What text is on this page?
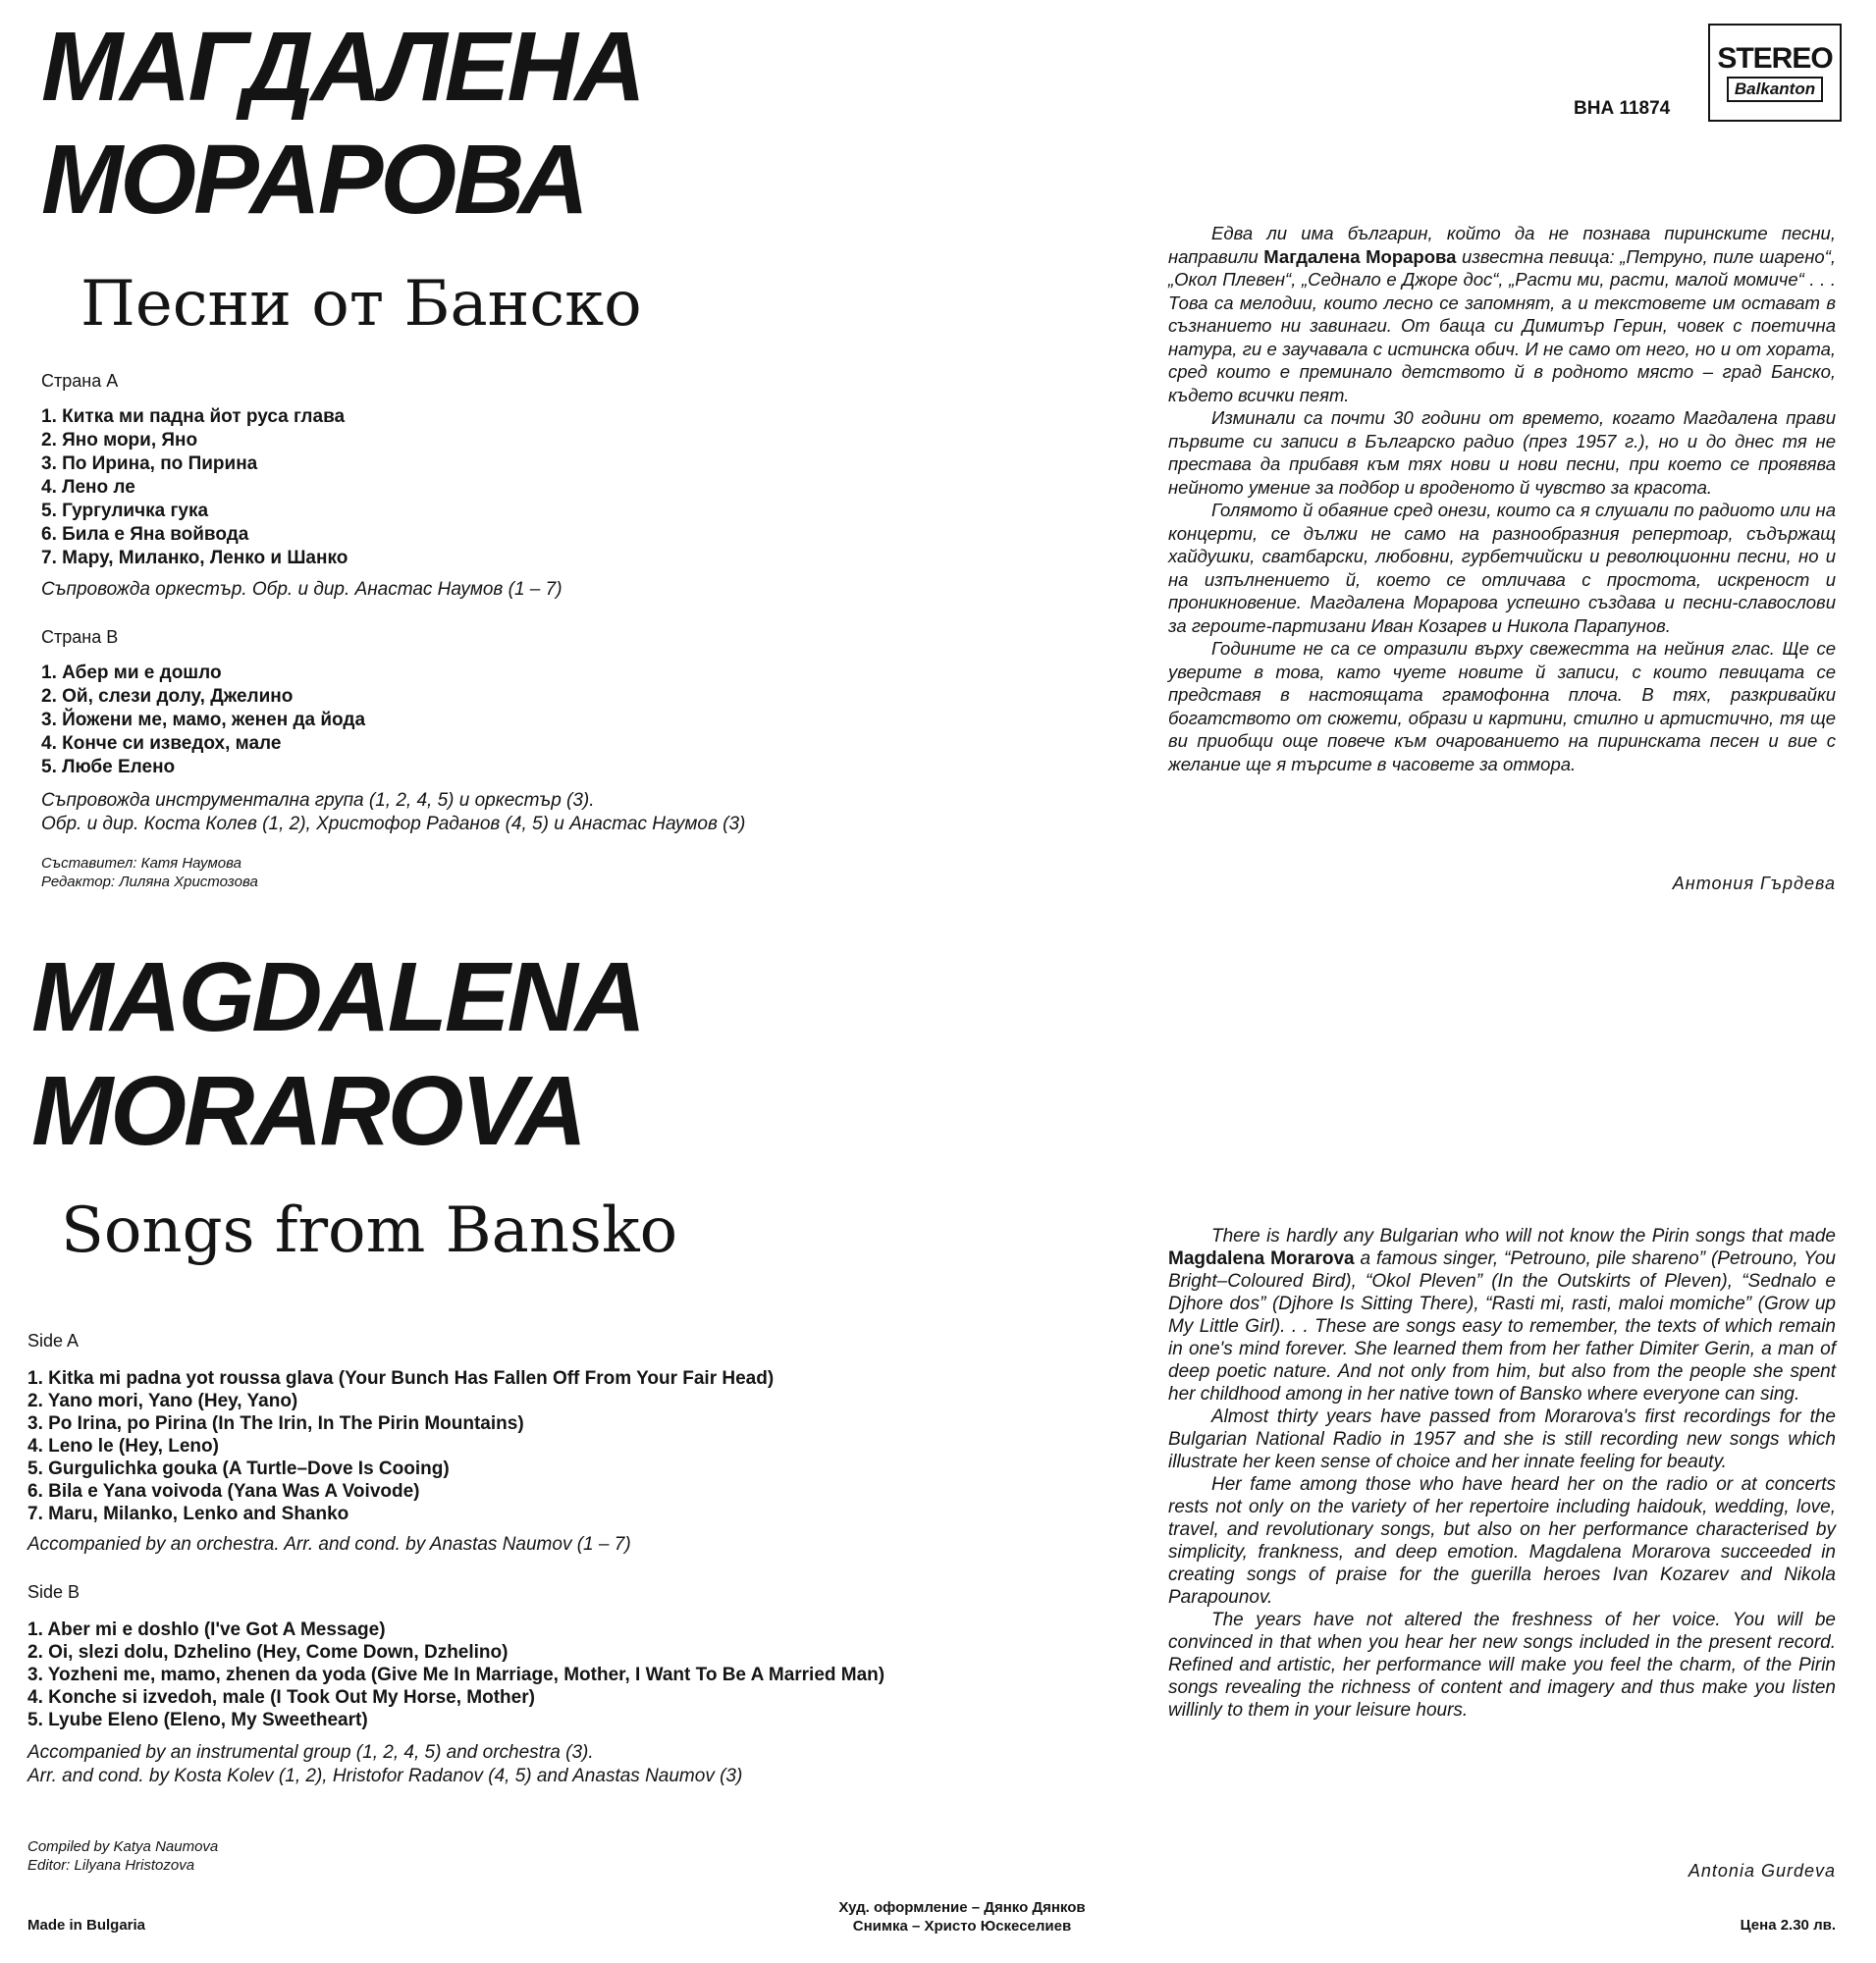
ВНА 11874
STEREO
Balkanton
МАГДАЛЕНА
МОРАРОВА
Песни от Банско
Страна А
1. Китка ми падна йот руса глава
2. Яно мори, Яно
3. По Ирина, по Пирина
4. Лено ле
5. Гургуличка гука
6. Била е Яна войвода
7. Мару, Миланко, Ленко и Шанко
Съпровожда оркестър. Обр. и дир. Анастас Наумов (1 – 7)
Страна В
1. Абер ми е дошло
2. Ой, слези долу, Джелино
3. Йожени ме, мамо, женен да йода
4. Конче си изведох, мале
5. Любе Елено
Съпровожда инструментална група (1, 2, 4, 5) и оркестър (3).
Обр. и дир. Коста Колев (1, 2), Христофор Раданов (4, 5) и Анастас Наумов (3)
Съставител: Катя Наумова
Редактор: Лиляна Христозова

Едва ли има българин, който да не познава пиринските песни, направили Магдалена Морарова известна певица: „Петруно, пиле шарено“, „Окол Плевен“, „Седнало е Джоре дос“, „Расти ми, расти, малой момиче“ . . . Това са мелодии, които лесно се запомнят, а и текстовете им остават в съзнанието ни завинаги. От баща си Димитър Герин, човек с поетична натура, ги е заучавала с истинска обич. И не само от него, но и от хората, сред които е преминало детството й в родното място – град Банско, където всички пеят.

Изминали са почти 30 години от времето, когато Магдалена прави първите си записи в Българско радио (през 1957 г.), но и до днес тя не престава да прибавя към тях нови и нови песни, при което се проявява нейното умение за подбор и вроденото й чувство за красота.

Голямото й обаяние сред онези, които са я слушали по радиото или на концерти, се дължи не само на разнообразния репертоар, съдържащ хайдушки, сватбарски, любовни, гурбетчийски и революционни песни, но и на изпълнението й, което се отличава с простота, искреност и проникновение. Магдалена Морарова успешно създава и песни-славослови за героите-партизани Иван Козарев и Никола Парапунов.

Годините не са се отразили върху свежестта на нейния глас. Ще се уверите в това, като чуете новите й записи, с които певицата се представя в настоящата грамофонна плоча. В тях, разкривайки богатството от сюжети, образи и картини, стилно и артистично, тя ще ви приобщи още повече към очарованието на пиринската песен и вие с желание ще я търсите в часовете за отмора.

Антония Гърдева
MAGDALENA
MORAROVA
Songs from Bansko
Side A
1. Kitka mi padna yot roussa glava (Your Bunch Has Fallen Off From Your Fair Head)
2. Yano mori, Yano (Hey, Yano)
3. Po Irina, po Pirina (In The Irin, In The Pirin Mountains)
4. Leno le (Hey, Leno)
5. Gurgulichka gouka (A Turtle–Dove Is Cooing)
6. Bila e Yana voivoda (Yana Was A Voivode)
7. Maru, Milanko, Lenko and Shanko
Accompanied by an orchestra. Arr. and cond. by Anastas Naumov (1 – 7)
Side B
1. Aber mi e doshlo (I've Got A Message)
2. Oi, slezi dolu, Dzhelino (Hey, Come Down, Dzhelino)
3. Yozheni me, mamo, zhenen da yoda (Give Me In Marriage, Mother, I Want To Be A Married Man)
4. Konche si izvedoh, male (I Took Out My Horse, Mother)
5. Lyube Eleno (Eleno, My Sweetheart)
Accompanied by an instrumental group (1, 2, 4, 5) and orchestra (3).
Arr. and cond. by Kosta Kolev (1, 2), Hristofor Radanov (4, 5) and Anastas Naumov (3)
Compiled by Katya Naumova
Editor: Lilyana Hristozova

There is hardly any Bulgarian who will not know the Pirin songs that made Magdalena Morarova a famous singer, “Petrouno, pile shareno” (Petrouno, You Bright–Coloured Bird), “Okol Pleven” (In the Outskirts of Pleven), “Sednalo e Djhore dos” (Djhore Is Sitting There), “Rasti mi, rasti, maloi momiche” (Grow up My Little Girl). . . These are songs easy to remember, the texts of which remain in one's mind forever. She learned them from her father Dimiter Gerin, a man of deep poetic nature. And not only from him, but also from the people she spent her childhood among in her native town of Bansko where everyone can sing.

Almost thirty years have passed from Morarova's first recordings for the Bulgarian National Radio in 1957 and she is still recording new songs which illustrate her keen sense of choice and her innate feeling for beauty.

Her fame among those who have heard her on the radio or at concerts rests not only on the variety of her repertoire including haidouk, wedding, love, travel, and revolutionary songs, but also on her performance characterised by simplicity, frankness, and deep emotion. Magdalena Morarova succeeded in creating songs of praise for the guerilla heroes Ivan Kozarev and Nikola Parapounov.

The years have not altered the freshness of her voice. You will be convinced in that when you hear her new songs included in the present record. Refined and artistic, her performance will make you feel the charm, of the Pirin songs revealing the richness of content and imagery and thus make you listen willinly to them in your leisure hours.

Antonia Gurdeva
Made in Bulgaria
Худ. оформление – Дянко Дянков
Снимка – Христо Юскеселиев	Цена 2.30 лв.
